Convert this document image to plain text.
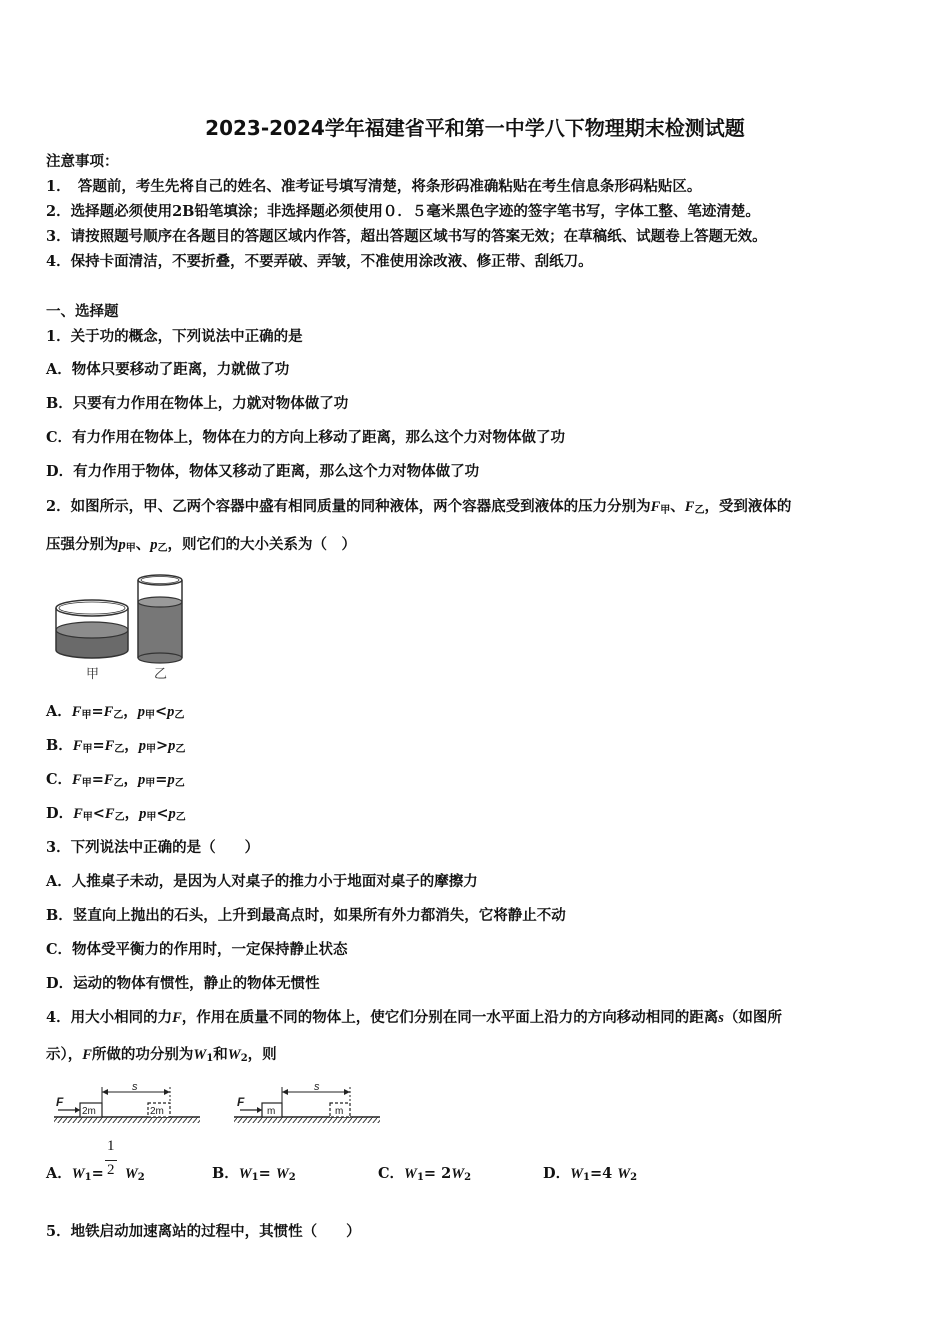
2023-2024学年福建省平和第一中学八下物理期末检测试题
注意事项：
1．　答题前，考生先将自己的姓名、准考证号填写清楚，将条形码准确粘贴在考生信息条形码粘贴区。
2．选择题必须使用2B铅笔填涂；非选择题必须使用０．５毫米黑色字迹的签字笔书写，字体工整、笔迹清楚。
3．请按照题号顺序在各题目的答题区域内作答，超出答题区域书写的答案无效；在草稿纸、试题卷上答题无效。
4．保持卡面清洁，不要折叠，不要弄破、弄皱，不准使用涂改液、修正带、刮纸刀。
一、选择题
1．关于功的概念，下列说法中正确的是
A．物体只要移动了距离，力就做了功
B．只要有力作用在物体上，力就对物体做了功
C．有力作用在物体上，物体在力的方向上移动了距离，那么这个力对物体做了功
D．有力作用于物体，物体又移动了距离，那么这个力对物体做了功
2．如图所示，甲、乙两个容器中盛有相同质量的同种液体，两个容器底受到液体的压力分别为$F_甲$、$F_乙$，受到液体的
压强分别为$p_甲$、$p_乙$，则它们的大小关系为（　）
甲	乙
A．$F_甲=F_乙$，$p_甲<p_乙$
B．$F_甲=F_乙$，$p_甲>p_乙$
C．$F_甲=F_乙$，$p_甲=p_乙$
D．$F_甲<F_乙$，$p_甲<p_乙$
3．下列说法中正确的是（　　）
A．人推桌子未动，是因为人对桌子的推力小于地面对桌子的摩擦力
B．竖直向上抛出的石头，上升到最高点时，如果所有外力都消失，它将静止不动
C．物体受平衡力的作用时，一定保持静止状态
D．运动的物体有惯性，静止的物体无惯性
4．用大小相同的力F，作用在质量不同的物体上，使它们分别在同一水平面上沿力的方向移动相同的距离s（如图所
示），F所做的功分别为$W_1$和$W_2$，则
2m
F
2m
s
m
F
m
s
A．$W_1= W_2$
1
2	B．$W_1= W_2$	C．$W_1= 2W_2$	D．$W_1=4$ $W_2$
5．地铁启动加速离站的过程中，其惯性（　　）
